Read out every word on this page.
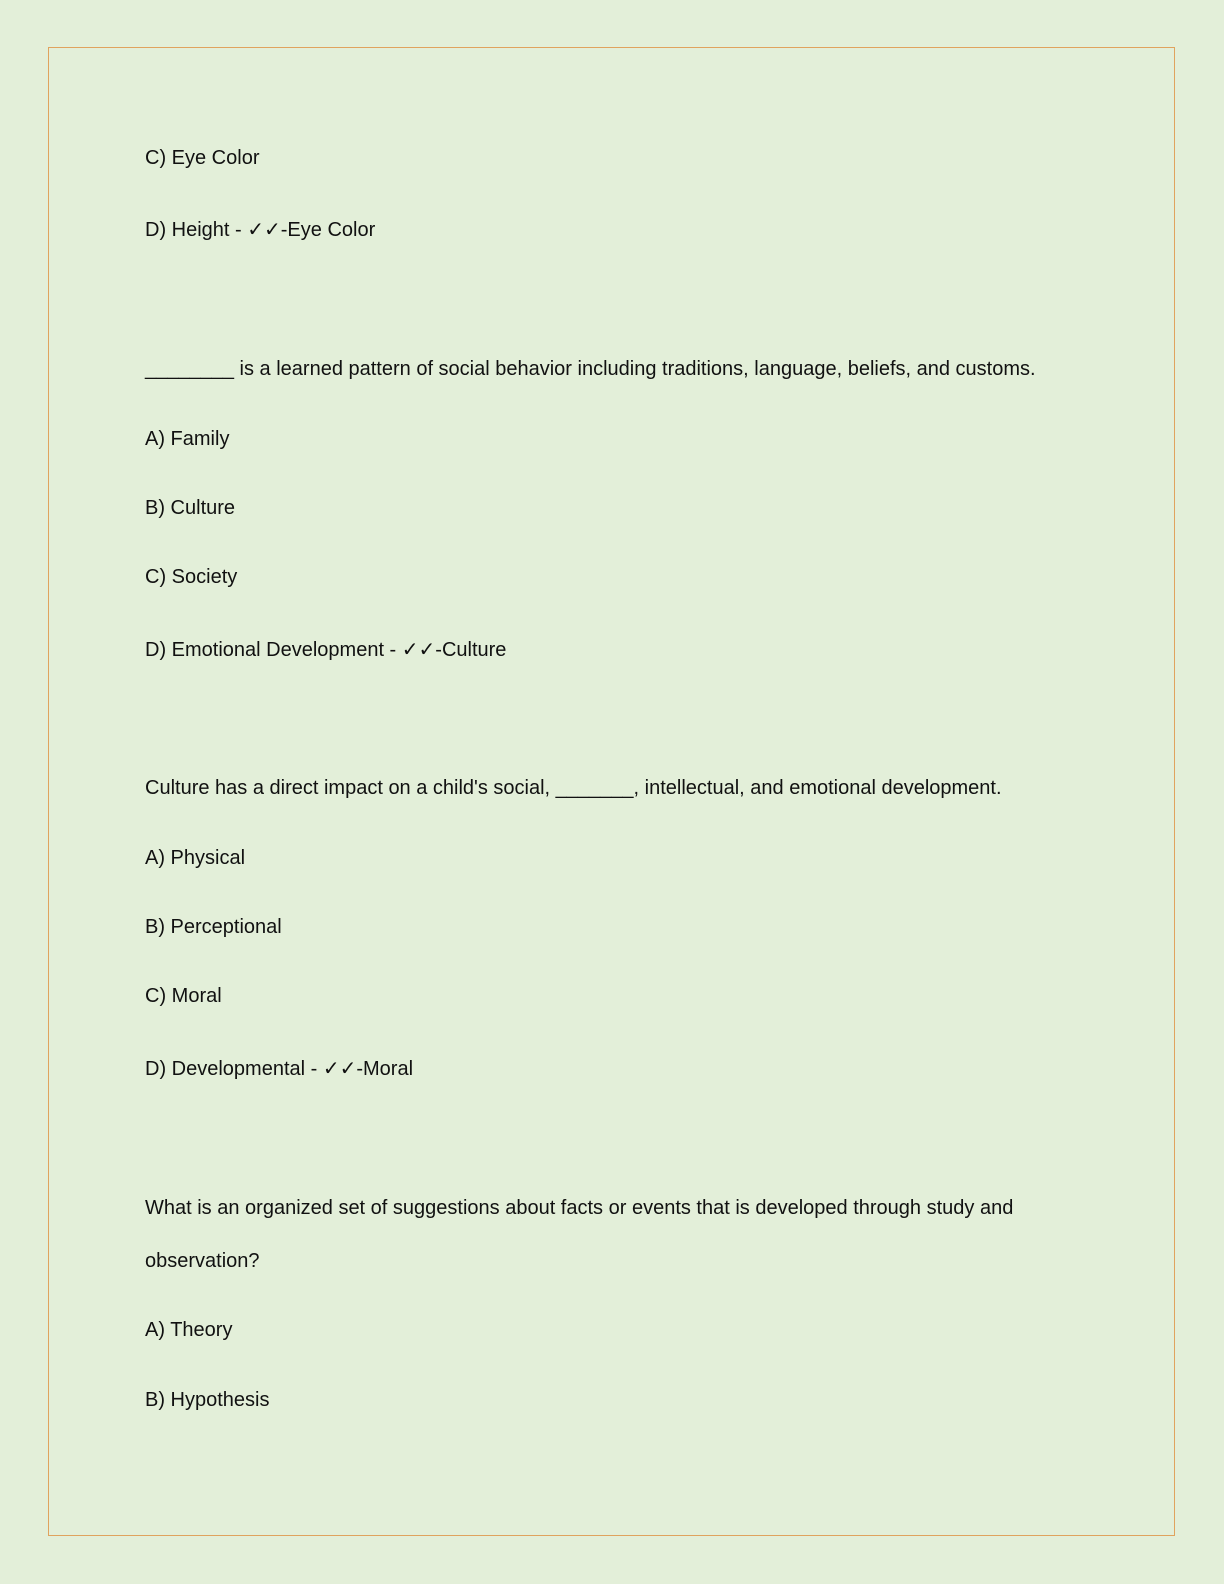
C) Eye Color
D) Height - ✓✓-Eye Color
________ is a learned pattern of social behavior including traditions, language, beliefs, and customs.
A) Family
B) Culture
C) Society
D) Emotional Development - ✓✓-Culture
Culture has a direct impact on a child's social, _______, intellectual, and emotional development.
A) Physical
B) Perceptional
C) Moral
D) Developmental - ✓✓-Moral
What is an organized set of suggestions about facts or events that is developed through study and
observation?
A) Theory
B) Hypothesis
